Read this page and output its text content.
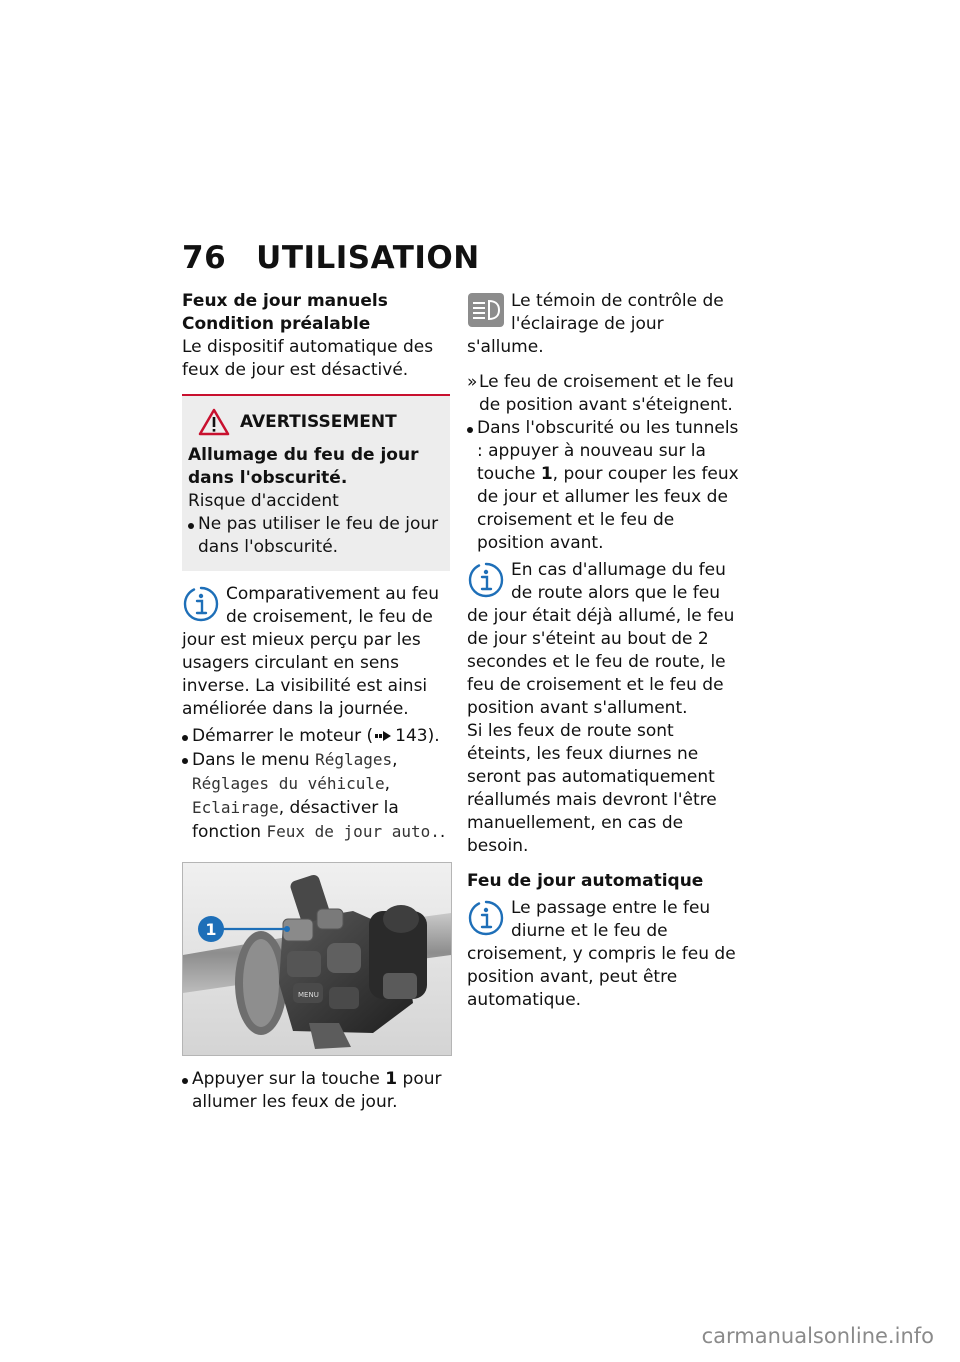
76 UTILISATION
Feux de jour manuels
Condition préalable

Le dispositif automatique des feux de jour est désactivé.

AVERTISSEMENT
Allumage du feu de jour dans l'obscurité.

Risque d'accident

Ne pas utiliser le feu de jour dans l'obscurité.

Comparativement au feu de croisement, le feu de jour est mieux perçu par les usagers circulant en sens inverse. La visibilité est ainsi améliorée dans la journée.

Démarrer le moteur ( 143).
Dans le menu Réglages, Réglages du véhicule, Eclairage, désactiver la fonction Feux de jour auto..
MENU
1
Appuyer sur la touche 1 pour allumer les feux de jour.

Le témoin de contrôle de l'éclairage de jour s'allume.

» Le feu de croisement et le feu de position avant s'éteignent.
Dans l'obscurité ou les tunnels : appuyer à nouveau sur la touche 1, pour couper les feux de jour et allumer les feux de croisement et le feu de position avant.

En cas d'allumage du feu de route alors que le feu de jour était déjà allumé, le feu de jour s'éteint au bout de 2 secondes et le feu de route, le feu de croisement et le feu de position avant s'allument.

Si les feux de route sont éteints, les feux diurnes ne seront pas automatiquement réallumés mais devront l'être manuellement, en cas de besoin.

Feu de jour automatique

Le passage entre le feu diurne et le feu de croisement, y compris le feu de position avant, peut être automatique.

carmanualsonline.info
